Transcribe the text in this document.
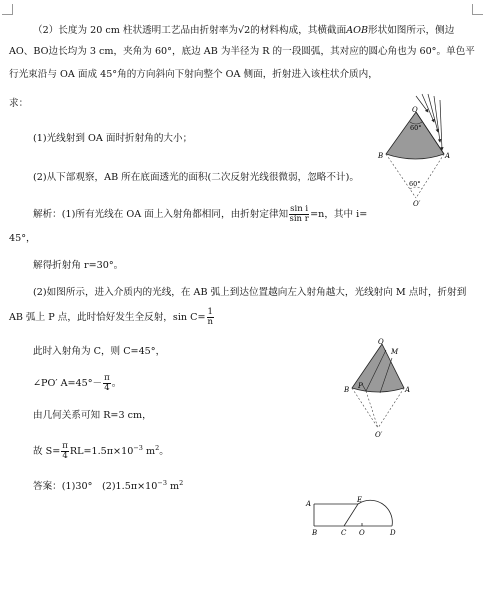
（2）长度为 20 cm 柱状透明工艺品由折射率为√2的材料构成，其横截面AOB形状如图所示，侧边
AO、BO边长均为 3 cm，夹角为 60°，底边 AB 为半径为 R 的一段圆弧，其对应的圆心角也为 60°。单色平
行光束沿与 OA 面成 45°角的方向斜向下射向整个 OA 侧面，折射进入该柱状介质内，
求：
(1)光线射到 OA 面时折射角的大小；
(2)从下部观察，AB 所在底面透光的面积(二次反射光线很微弱，忽略不计)。
解析：(1)所有光线在 OA 面上入射角都相同，由折射定律知 $\frac{\text{sin i}}{\text{sin r}} =n$，其中 i=
45°，
解得折射角 r=30°。
(2)如图所示，进入介质内的光线，在 AB 弧上到达位置越向左入射角越大，光线射向 M 点时，折射到
AB 弧上 P 点，此时恰好发生全反射，$\sin C= \frac{1}{n}$
此时入射角为 C，则 C=45°，
∠PO′ $A=45^\circ- \frac{\pi}{4}$ 。
由几何关系可知 R=3 cm，
故 $S= \frac{\pi}{4} RL=1.5\pi\times 10^{-3}$ $m^2$。
答案：(1)30°　$(2)1.5\pi\times 10^{-3}$ $m^2$
O
60°
A
B
60°
O′
O
M
A
P
B
O′
A
B	C
E
O	D
